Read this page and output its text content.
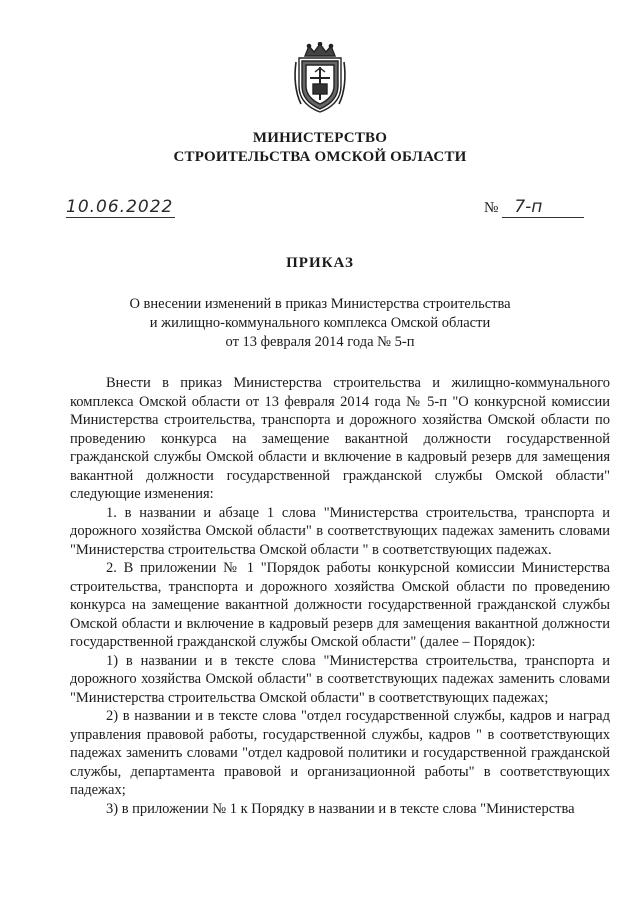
МИНИСТЕРСТВО
СТРОИТЕЛЬСТВА ОМСКОЙ ОБЛАСТИ
10.06.2022	№ 7-п
ПРИКАЗ
О внесении изменений в приказ Министерства строительства
и жилищно-коммунального комплекса Омской области
от 13 февраля 2014 года № 5-п

Внести в приказ Министерства строительства и жилищно-коммунального комплекса Омской области от 13 февраля 2014 года № 5-п "О конкурсной комиссии Министерства строительства, транспорта и дорожного хозяйства Омской области по проведению конкурса на замещение вакантной должности государственной гражданской службы Омской области и включение в кадровый резерв для замещения вакантной должности государственной гражданской службы Омской области" следующие изменения:

1. в названии и абзаце 1 слова "Министерства строительства, транспорта и дорожного хозяйства Омской области" в соответствующих падежах заменить словами "Министерства строительства Омской области " в соответствующих падежах.

2. В приложении № 1 "Порядок работы конкурсной комиссии Министерства строительства, транспорта и дорожного хозяйства Омской области по проведению конкурса на замещение вакантной должности государственной гражданской службы Омской области и включение в кадровый резерв для замещения вакантной должности государственной гражданской службы Омской области" (далее – Порядок):

1) в названии и в тексте слова "Министерства строительства, транспорта и дорожного хозяйства Омской области" в соответствующих падежах заменить словами "Министерства строительства Омской области" в соответствующих падежах;

2) в названии и в тексте слова "отдел государственной службы, кадров и наград управления правовой работы, государственной службы, кадров " в соответствующих падежах заменить словами "отдел кадровой политики и государственной гражданской службы, департамента правовой и организационной работы" в соответствующих падежах;

3) в приложении № 1 к Порядку в названии и в тексте слова "Министерства
